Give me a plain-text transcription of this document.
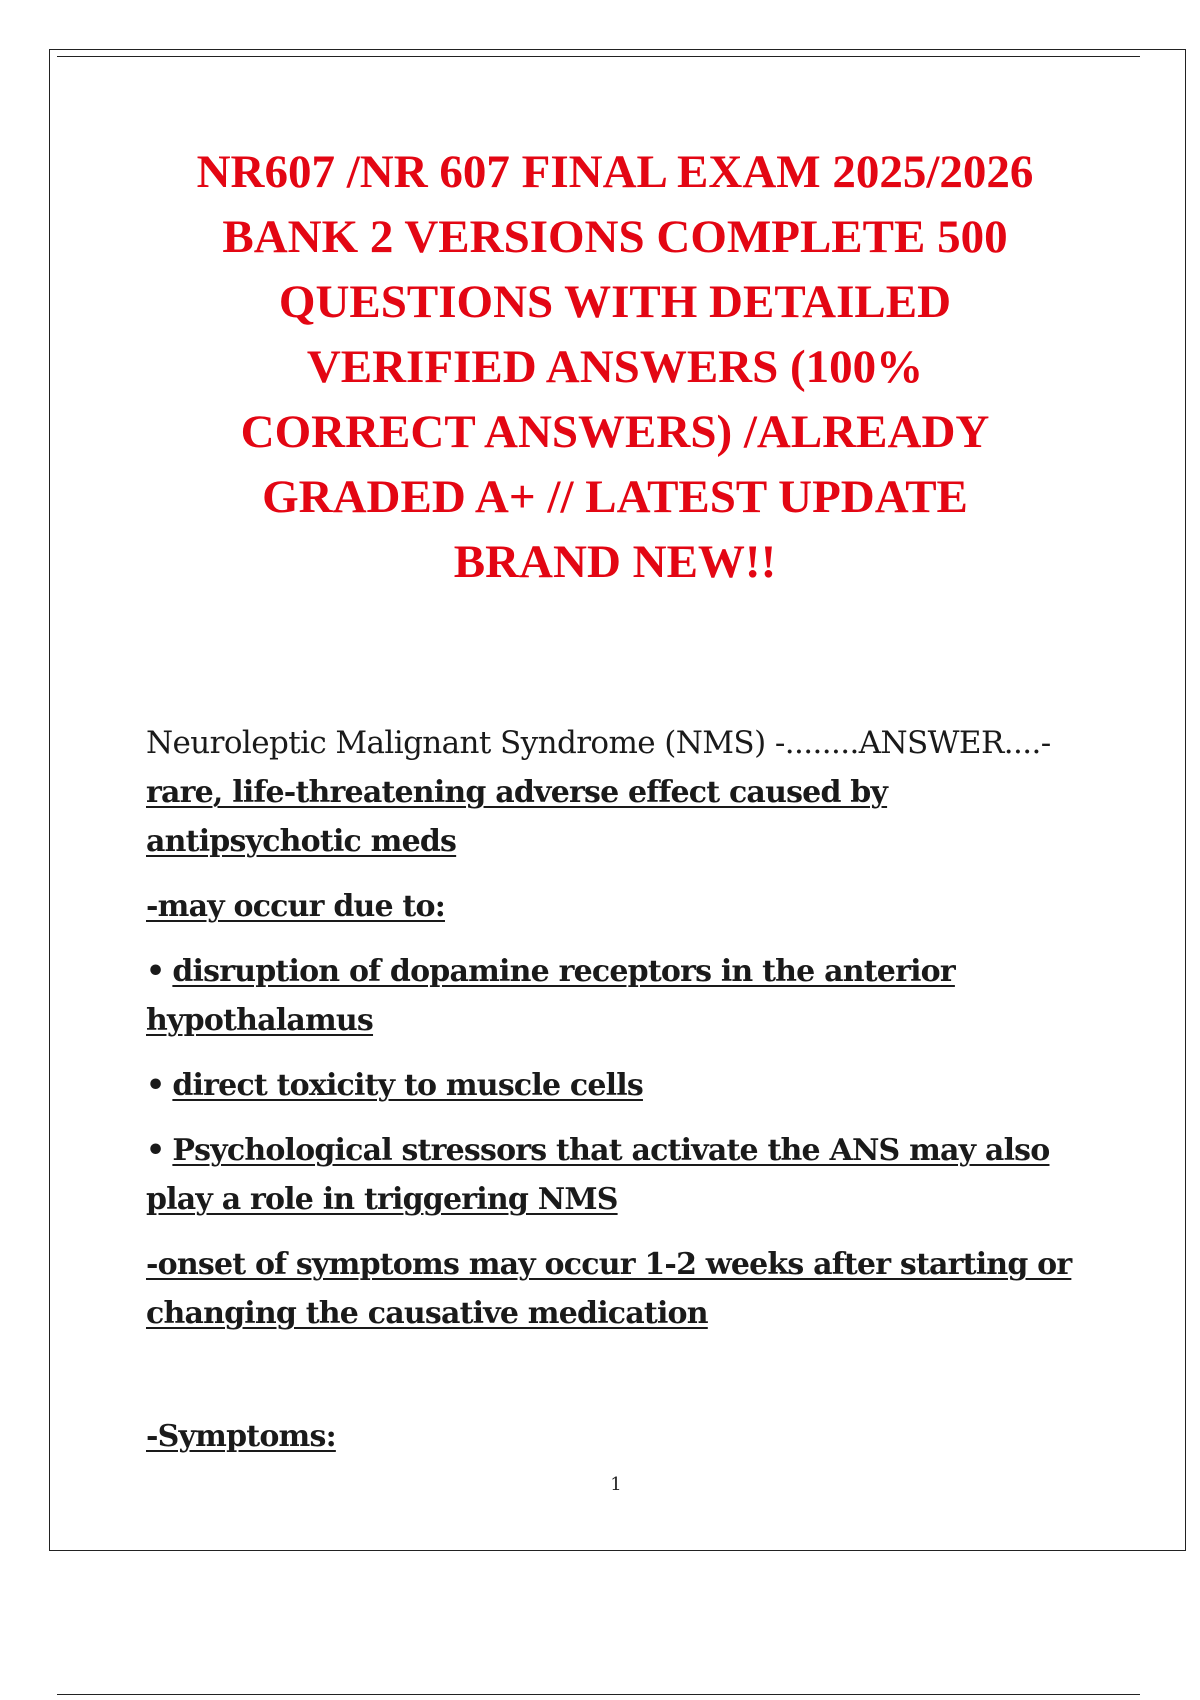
NR607 /NR 607 FINAL EXAM 2025/2026
BANK 2 VERSIONS COMPLETE 500
QUESTIONS WITH DETAILED
VERIFIED ANSWERS (100%
CORRECT ANSWERS) /ALREADY
GRADED A+ // LATEST UPDATE
BRAND NEW!!
Neuroleptic Malignant Syndrome (NMS) -........ANSWER....-

rare, life-threatening adverse effect caused by antipsychotic meds

-may occur due to:

• disruption of dopamine receptors in the anterior hypothalamus

• direct toxicity to muscle cells

• Psychological stressors that activate the ANS may also play a role in triggering NMS

-onset of symptoms may occur 1-2 weeks after starting or changing the causative medication

-Symptoms:

1
